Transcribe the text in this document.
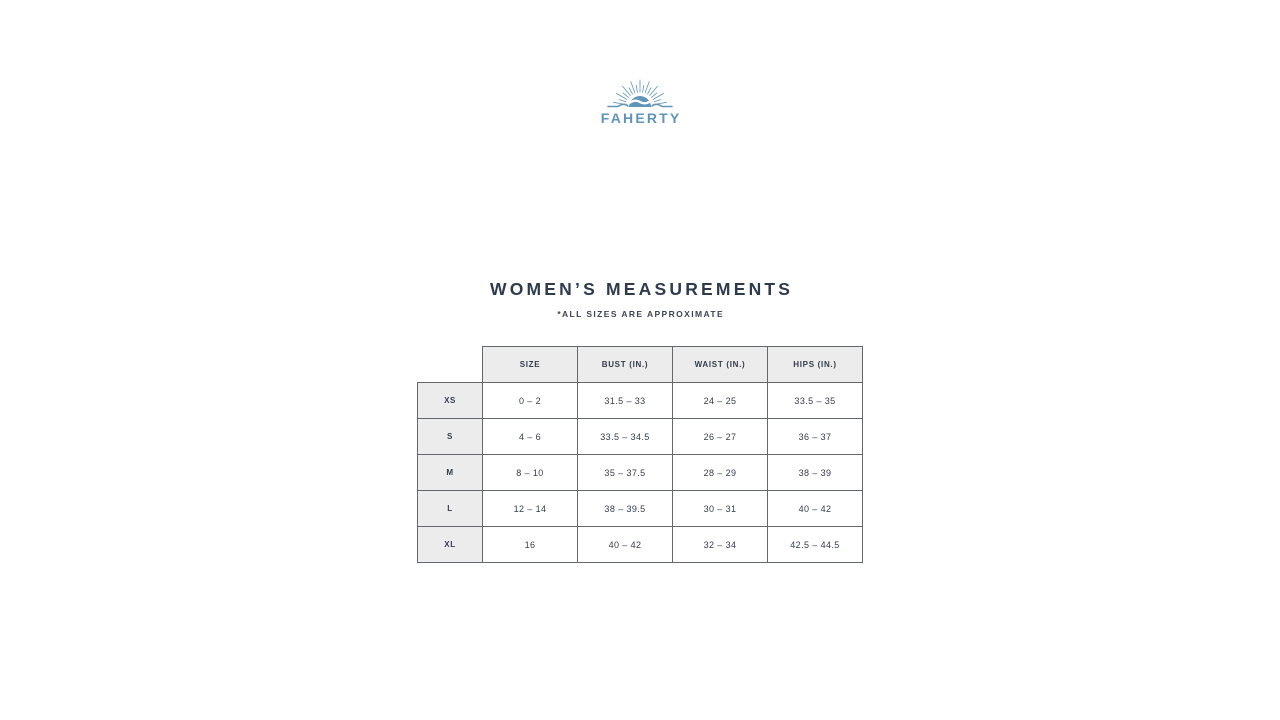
FAHERTY
WOMEN’S MEASUREMENTS
*ALL SIZES ARE APPROXIMATE
	SIZE	BUST (IN.)	WAIST (IN.)	HIPS (IN.)
XS	0 – 2	31.5 – 33	24 – 25	33.5 – 35
S	4 – 6	33.5 – 34.5	26 – 27	36 – 37
M	8 – 10	35 – 37.5	28 – 29	38 – 39
L	12 – 14	38 – 39.5	30 – 31	40 – 42
XL	16	40 – 42	32 – 34	42.5 – 44.5
